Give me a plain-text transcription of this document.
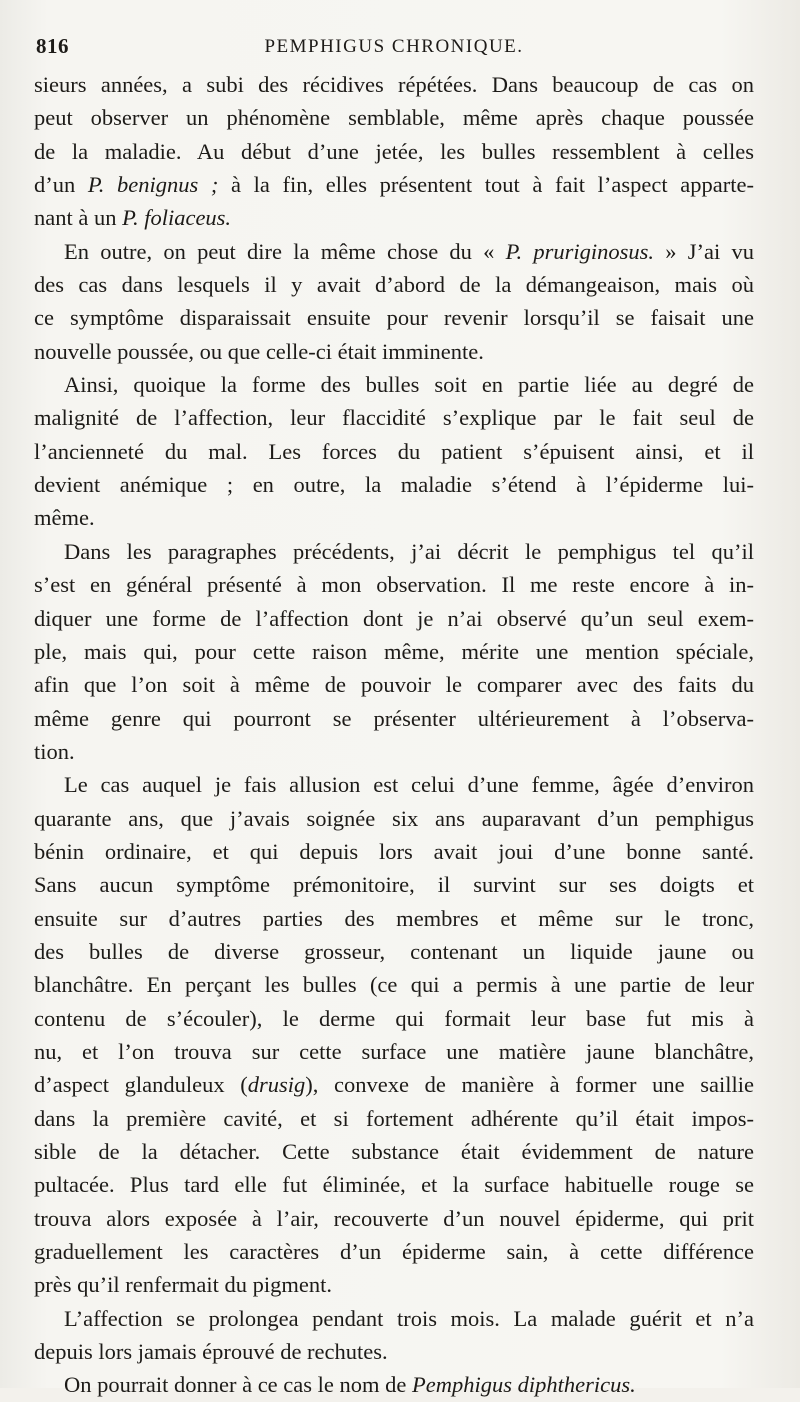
816	PEMPHIGUS CHRONIQUE.
sieurs années, a subi des récidives répétées. Dans beaucoup de cas on
peut observer un phénomène semblable, même après chaque poussée
de la maladie. Au début d’une jetée, les bulles ressemblent à celles
d’un P. benignus ; à la fin, elles présentent tout à fait l’aspect apparte-
nant à un P. foliaceus.
En outre, on peut dire la même chose du « P. pruriginosus. » J’ai vu
des cas dans lesquels il y avait d’abord de la démangeaison, mais où
ce symptôme disparaissait ensuite pour revenir lorsqu’il se faisait une
nouvelle poussée, ou que celle-ci était imminente.
Ainsi, quoique la forme des bulles soit en partie liée au degré de
malignité de l’affection, leur flaccidité s’explique par le fait seul de
l’ancienneté du mal. Les forces du patient s’épuisent ainsi, et il
devient anémique ; en outre, la maladie s’étend à l’épiderme lui-
même.
Dans les paragraphes précédents, j’ai décrit le pemphigus tel qu’il
s’est en général présenté à mon observation. Il me reste encore à in-
diquer une forme de l’affection dont je n’ai observé qu’un seul exem-
ple, mais qui, pour cette raison même, mérite une mention spéciale,
afin que l’on soit à même de pouvoir le comparer avec des faits du
même genre qui pourront se présenter ultérieurement à l’observa-
tion.
Le cas auquel je fais allusion est celui d’une femme, âgée d’environ
quarante ans, que j’avais soignée six ans auparavant d’un pemphigus
bénin ordinaire, et qui depuis lors avait joui d’une bonne santé.
Sans aucun symptôme prémonitoire, il survint sur ses doigts et
ensuite sur d’autres parties des membres et même sur le tronc,
des bulles de diverse grosseur, contenant un liquide jaune ou
blanchâtre. En perçant les bulles (ce qui a permis à une partie de leur
contenu de s’écouler), le derme qui formait leur base fut mis à
nu, et l’on trouva sur cette surface une matière jaune blanchâtre,
d’aspect glanduleux (drusig), convexe de manière à former une saillie
dans la première cavité, et si fortement adhérente qu’il était impos-
sible de la détacher. Cette substance était évidemment de nature
pultacée. Plus tard elle fut éliminée, et la surface habituelle rouge se
trouva alors exposée à l’air, recouverte d’un nouvel épiderme, qui prit
graduellement les caractères d’un épiderme sain, à cette différence
près qu’il renfermait du pigment.
L’affection se prolongea pendant trois mois. La malade guérit et n’a
depuis lors jamais éprouvé de rechutes.
On pourrait donner à ce cas le nom de Pemphigus diphthericus.
